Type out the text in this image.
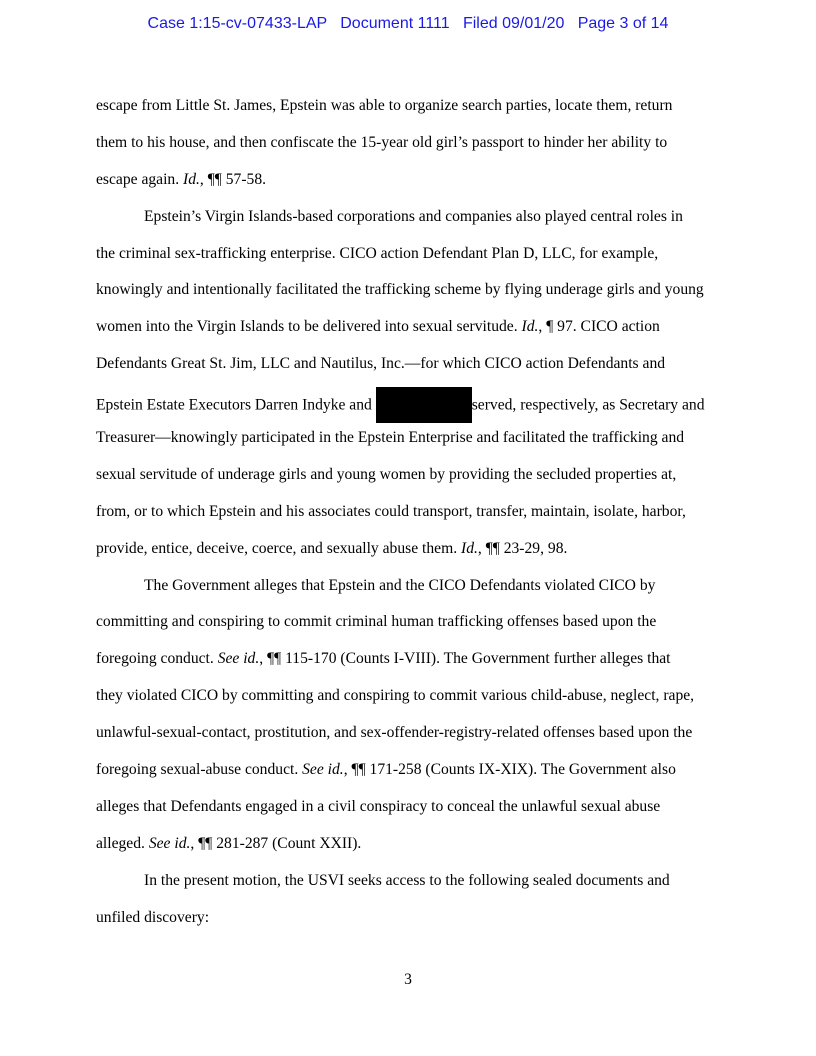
Case 1:15-cv-07433-LAP   Document 1111   Filed 09/01/20   Page 3 of 14
escape from Little St. James, Epstein was able to organize search parties, locate them, return
them to his house, and then confiscate the 15-year old girl’s passport to hinder her ability to
escape again. Id., ¶¶ 57-58.
Epstein’s Virgin Islands-based corporations and companies also played central roles in
the criminal sex-trafficking enterprise. CICO action Defendant Plan D, LLC, for example,
knowingly and intentionally facilitated the trafficking scheme by flying underage girls and young
women into the Virgin Islands to be delivered into sexual servitude. Id., ¶ 97. CICO action
Defendants Great St. Jim, LLC and Nautilus, Inc.—for which CICO action Defendants and
Epstein Estate Executors Darren Indyke and	served, respectively, as Secretary and
Treasurer—knowingly participated in the Epstein Enterprise and facilitated the trafficking and
sexual servitude of underage girls and young women by providing the secluded properties at,
from, or to which Epstein and his associates could transport, transfer, maintain, isolate, harbor,
provide, entice, deceive, coerce, and sexually abuse them. Id., ¶¶ 23-29, 98.
The Government alleges that Epstein and the CICO Defendants violated CICO by
committing and conspiring to commit criminal human trafficking offenses based upon the
foregoing conduct. See id., ¶¶ 115-170 (Counts I-VIII). The Government further alleges that
they violated CICO by committing and conspiring to commit various child-abuse, neglect, rape,
unlawful-sexual-contact, prostitution, and sex-offender-registry-related offenses based upon the
foregoing sexual-abuse conduct. See id., ¶¶ 171-258 (Counts IX-XIX). The Government also
alleges that Defendants engaged in a civil conspiracy to conceal the unlawful sexual abuse
alleged. See id., ¶¶ 281-287 (Count XXII).
In the present motion, the USVI seeks access to the following sealed documents and
unfiled discovery:
3
